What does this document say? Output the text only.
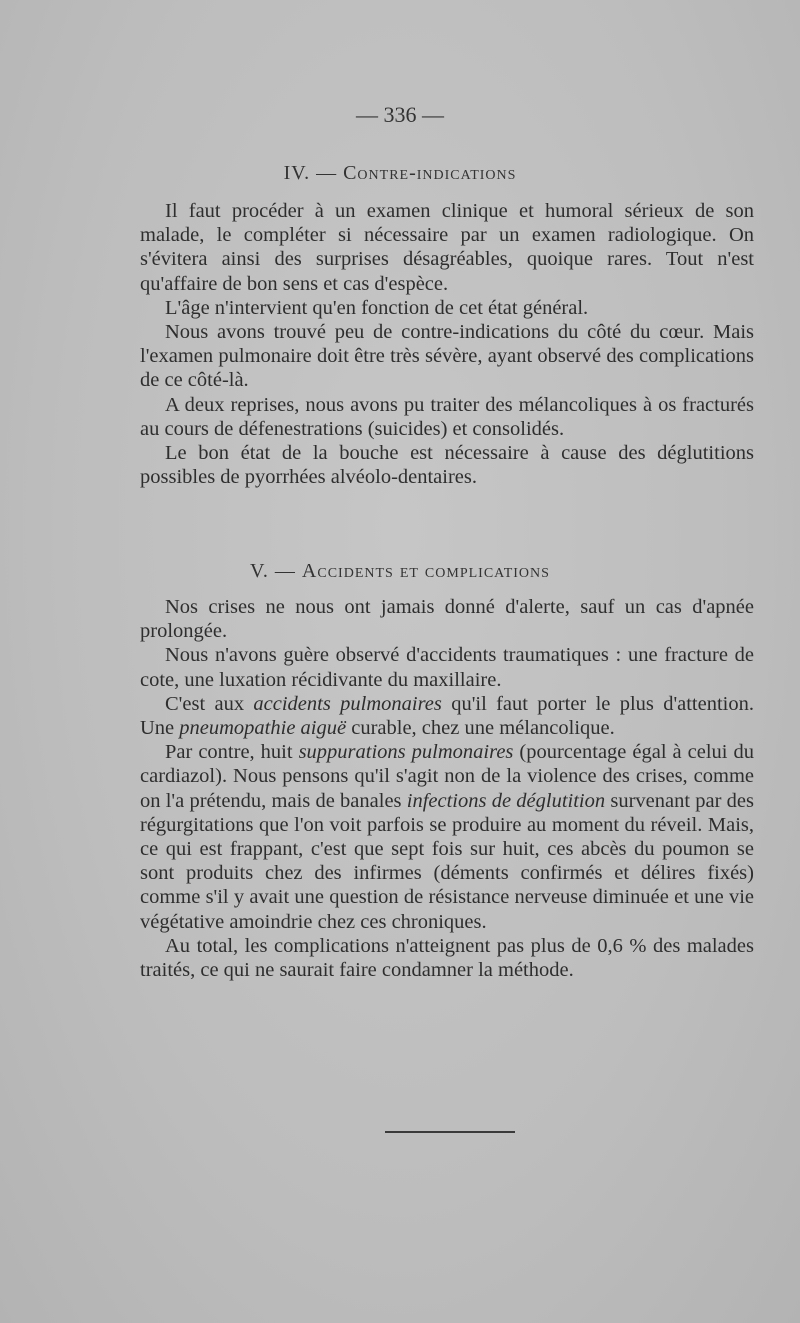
— 336 —
IV. — Contre-indications

Il faut procéder à un examen clinique et humoral sérieux de son malade, le compléter si nécessaire par un examen radiologique. On s'évitera ainsi des surprises désagréables, quoique rares. Tout n'est qu'affaire de bon sens et cas d'espèce.

L'âge n'intervient qu'en fonction de cet état général.

Nous avons trouvé peu de contre-indications du côté du cœur. Mais l'examen pulmonaire doit être très sévère, ayant observé des complications de ce côté-là.

A deux reprises, nous avons pu traiter des mélancoliques à os fracturés au cours de défenestrations (suicides) et consolidés.

Le bon état de la bouche est nécessaire à cause des déglutitions possibles de pyorrhées alvéolo-dentaires.

V. — Accidents et complications

Nos crises ne nous ont jamais donné d'alerte, sauf un cas d'apnée prolongée.

Nous n'avons guère observé d'accidents traumatiques : une fracture de cote, une luxation récidivante du maxillaire.

C'est aux accidents pulmonaires qu'il faut porter le plus d'attention. Une pneumopathie aiguë curable, chez une mélancolique.

Par contre, huit suppurations pulmonaires (pourcentage égal à celui du cardiazol). Nous pensons qu'il s'agit non de la violence des crises, comme on l'a prétendu, mais de banales infections de déglutition survenant par des régurgitations que l'on voit parfois se produire au moment du réveil. Mais, ce qui est frappant, c'est que sept fois sur huit, ces abcès du poumon se sont produits chez des infirmes (déments confirmés et délires fixés) comme s'il y avait une question de résistance nerveuse diminuée et une vie végétative amoindrie chez ces chroniques.

Au total, les complications n'atteignent pas plus de 0,6 % des malades traités, ce qui ne saurait faire condamner la méthode.
